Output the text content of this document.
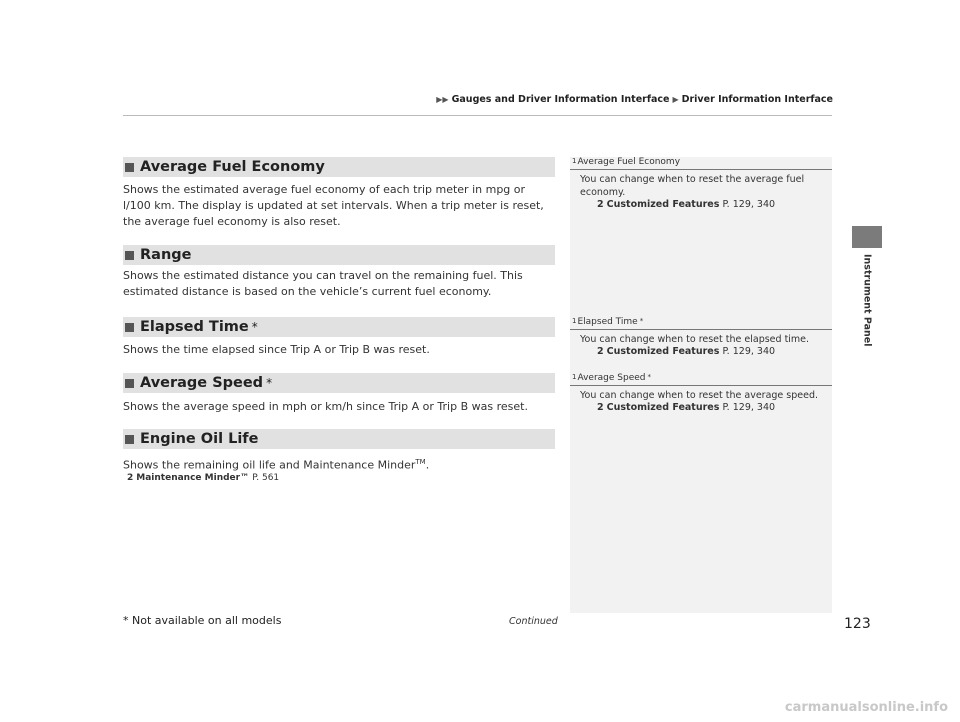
▶▶ Gauges and Driver Information Interface ▶ Driver Information Interface
Instrument Panel
Average Fuel Economy
Shows the estimated average fuel economy of each trip meter in mpg or l/100 km. The display is updated at set intervals. When a trip meter is reset, the average fuel economy is also reset.
Range
Shows the estimated distance you can travel on the remaining fuel. This estimated distance is based on the vehicle’s current fuel economy.
Elapsed Time *
Shows the time elapsed since Trip A or Trip B was reset.
Average Speed *
Shows the average speed in mph or km/h since Trip A or Trip B was reset.
Engine Oil Life
Shows the remaining oil life and Maintenance Minder™.
2 Maintenance Minder™ P. 561
1 Average Fuel Economy
You can change when to reset the average fuel economy.
2 Customized Features P. 129, 340
1 Elapsed Time *
You can change when to reset the elapsed time.
2 Customized Features P. 129, 340
1 Average Speed *
You can change when to reset the average speed.
2 Customized Features P. 129, 340
* Not available on all models	Continued	123
carmanualsonline.info
